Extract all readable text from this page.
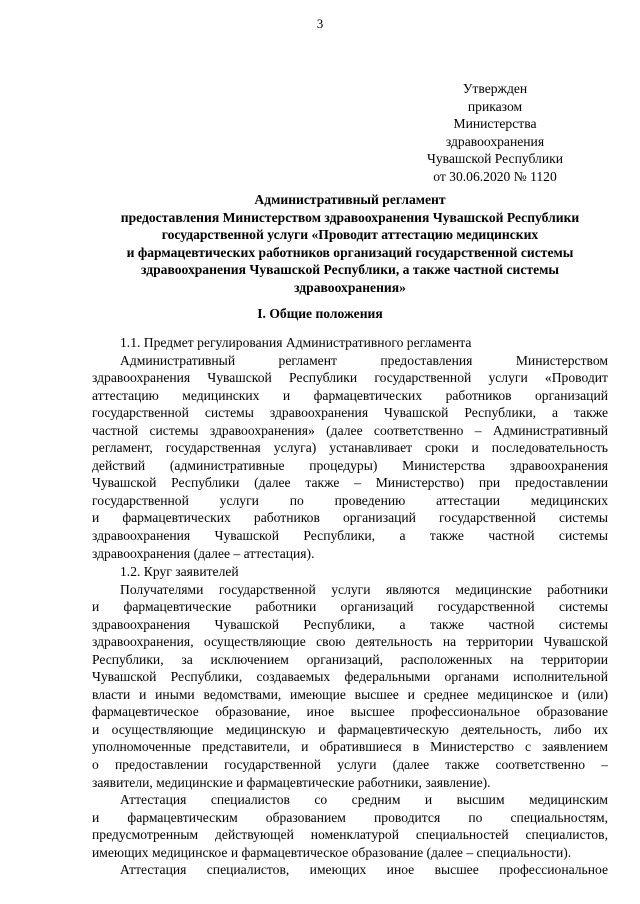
3
Утвержден
приказом
Министерства
здравоохранения
Чувашской Республики
от 30.06.2020 № 1120
Административный регламент
предоставления Министерством здравоохранения Чувашской Республики
государственной услуги «Проводит аттестацию медицинских
и фармацевтических работников организаций государственной системы
здравоохранения Чувашской Республики, а также частной системы
здравоохранения»
I. Общие положения
1.1. Предмет регулирования Административного регламента
Административный регламент предоставления Министерством
здравоохранения Чувашской Республики государственной услуги «Проводит
аттестацию медицинских и фармацевтических работников организаций
государственной системы здравоохранения Чувашской Республики, а также
частной системы здравоохранения» (далее соответственно – Административный
регламент, государственная услуга) устанавливает сроки и последовательность
действий (административные процедуры) Министерства здравоохранения
Чувашской Республики (далее также – Министерство) при предоставлении
государственной услуги по проведению аттестации медицинских
и фармацевтических работников организаций государственной системы
здравоохранения Чувашской Республики, а также частной системы
здравоохранения (далее – аттестация).
1.2. Круг заявителей
Получателями государственной услуги являются медицинские работники
и фармацевтические работники организаций государственной системы
здравоохранения Чувашской Республики, а также частной системы
здравоохранения, осуществляющие свою деятельность на территории Чувашской
Республики, за исключением организаций, расположенных на территории
Чувашской Республики, создаваемых федеральными органами исполнительной
власти и иными ведомствами, имеющие высшее и среднее медицинское и (или)
фармацевтическое образование, иное высшее профессиональное образование
и осуществляющие медицинскую и фармацевтическую деятельность, либо их
уполномоченные представители, и обратившиеся в Министерство с заявлением
о предоставлении государственной услуги (далее также соответственно –
заявители, медицинские и фармацевтические работники, заявление).
Аттестация специалистов со средним и высшим медицинским
и фармацевтическим образованием проводится по специальностям,
предусмотренным действующей номенклатурой специальностей специалистов,
имеющих медицинское и фармацевтическое образование (далее – специальности).
Аттестация специалистов, имеющих иное высшее профессиональное
